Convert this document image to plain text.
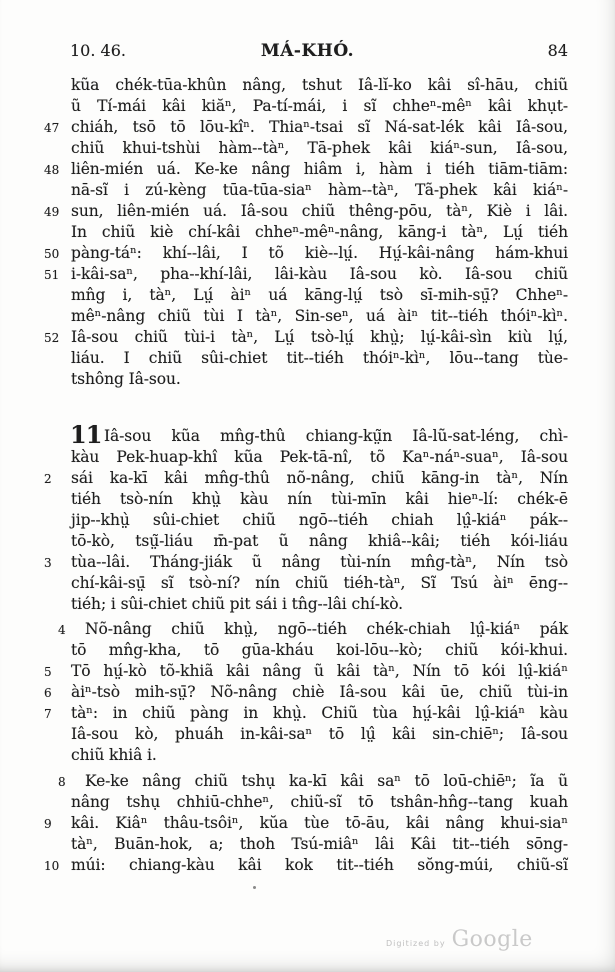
MÁ-KHÓ.
10. 46.	84
kũa chék-tūa-khûn nâng, tshut Iâ-lĭ-ko kâi sî-hāu, chiũ
ũ Tí-mái kâi kiăⁿ, Pa-tí-mái, i sĩ chheⁿ-mêⁿ kâi khụt-
47 chiáh, tsō tō lōu-kîⁿ. Thiaⁿ-tsai sĩ Ná-sat-lék kâi Iâ-sou,
chiũ khui-tshùi hàm--tàⁿ, Tā-phek kâi kiáⁿ-sun, Iâ-sou,
48 liên-mién uá. Ke-ke nâng hiâm i, hàm i tiéh tiām-tiām:
nā-sĩ i zú-kèng tūa-tūa-siaⁿ hàm--tàⁿ, Tã-phek kâi kiáⁿ-
49 sun, liên-mién uá. Iâ-sou chiũ thêng-pōu, tàⁿ, Kiè i lâi.
In chiũ kiè chí-kâi chheⁿ-mêⁿ-nâng, kāng-i tàⁿ, Lṳ́ tiéh
50 pàng-táⁿ: khí--lâi, I tõ kiè--lṳ́. Hṳ́-kâi-nâng hám-khui
51 i-kâi-saⁿ, pha--khí-lâi, lâi-kàu Iâ-sou kò. Iâ-sou chiũ
mn̂g i, tàⁿ, Lṳ́ àiⁿ uá kāng-lṳ́ tsò sī-mih-sṳ̄? Chheⁿ-
mêⁿ-nâng chiũ tùi I tàⁿ, Sin-seⁿ, uá àiⁿ tit--tiéh thóiⁿ-kìⁿ.
52 Iâ-sou chiũ tùi-i tàⁿ, Lṳ́ tsò-lṳ́ khṳ̀; lṳ́-kâi-sìn kiù lṳ́,
liáu. I chiũ sûi-chiet tit--tiéh thóiⁿ-kìⁿ, lōu--tang tùe-
tshông Iâ-sou.
11 Iâ-sou kũa mn̂g-thû chiang-kṳ̃n Iâ-lũ-sat-léng, chì-
kàu Pek-huap-khî kũa Pek-tā-nî, tõ Kaⁿ-náⁿ-suaⁿ, Iâ-sou
2	sái ka-kī kâi mn̂g-thû nõ-nâng, chiũ kāng-in tàⁿ, Nín
tiéh tsò-nín khṳ̀ kàu nín tùi-mīn kâi hieⁿ-lí: chék-ē
jip--khṳ̀ sûi-chiet chiũ ngō--tiéh chiah lṳ̂-kiáⁿ pák--
tō-kò, tsṳ̃-liáu m̄-pat ũ nâng khiâ--kâi; tiéh kói-liáu
3	tùa--lâi. Tháng-jiák ũ nâng tùi-nín mn̂g-tàⁿ, Nín tsò
chí-kâi-sṳ̄ sĩ tsò-ní? nín chiũ tiéh-tàⁿ, Sĩ Tsú àiⁿ ēng--
tiéh; i sûi-chiet chiũ pit sái i tn̂g--lâi chí-kò.
4 Nõ-nâng chiũ khṳ̀, ngō--tiéh chék-chiah lṳ̂-kiáⁿ pák
tō mn̂g-kha, tō gūa-kháu koi-lōu--kò; chiũ kói-khui.
5	Tō hṳ́-kò tõ-khiã kâi nâng ũ kâi tàⁿ, Nín tō kói lṳ̂-kiáⁿ
6	àiⁿ-tsò mih-sṳ̄? Nõ-nâng chiè Iâ-sou kâi ūe, chiũ tùi-in
7	tàⁿ: in chiũ pàng in khṳ̀. Chiũ tùa hṳ́-kâi lṳ̂-kiáⁿ kàu
Iâ-sou kò, phuáh in-kâi-saⁿ tō lṳ̂ kâi sin-chiēⁿ; Iâ-sou
chiũ khiâ i.
8 Ke-ke nâng chiũ tshụ ka-kī kâi saⁿ tō loū-chiēⁿ; ĩa ũ
nâng tshụ chhiū-chheⁿ, chiũ-sĩ tō tshân-hn̂g--tang kuah
9	kâi. Kiâⁿ thâu-tsôiⁿ, kŭa tùe tō-āu, kâi nâng khui-siaⁿ
tàⁿ, Buān-hok, a; thoh Tsú-miâⁿ lâi Kâi tit--tiéh sōng-
10 múi: chiang-kàu kâi kok tit--tiéh sŏng-múi, chiũ-sĩ
Digitized by Google
